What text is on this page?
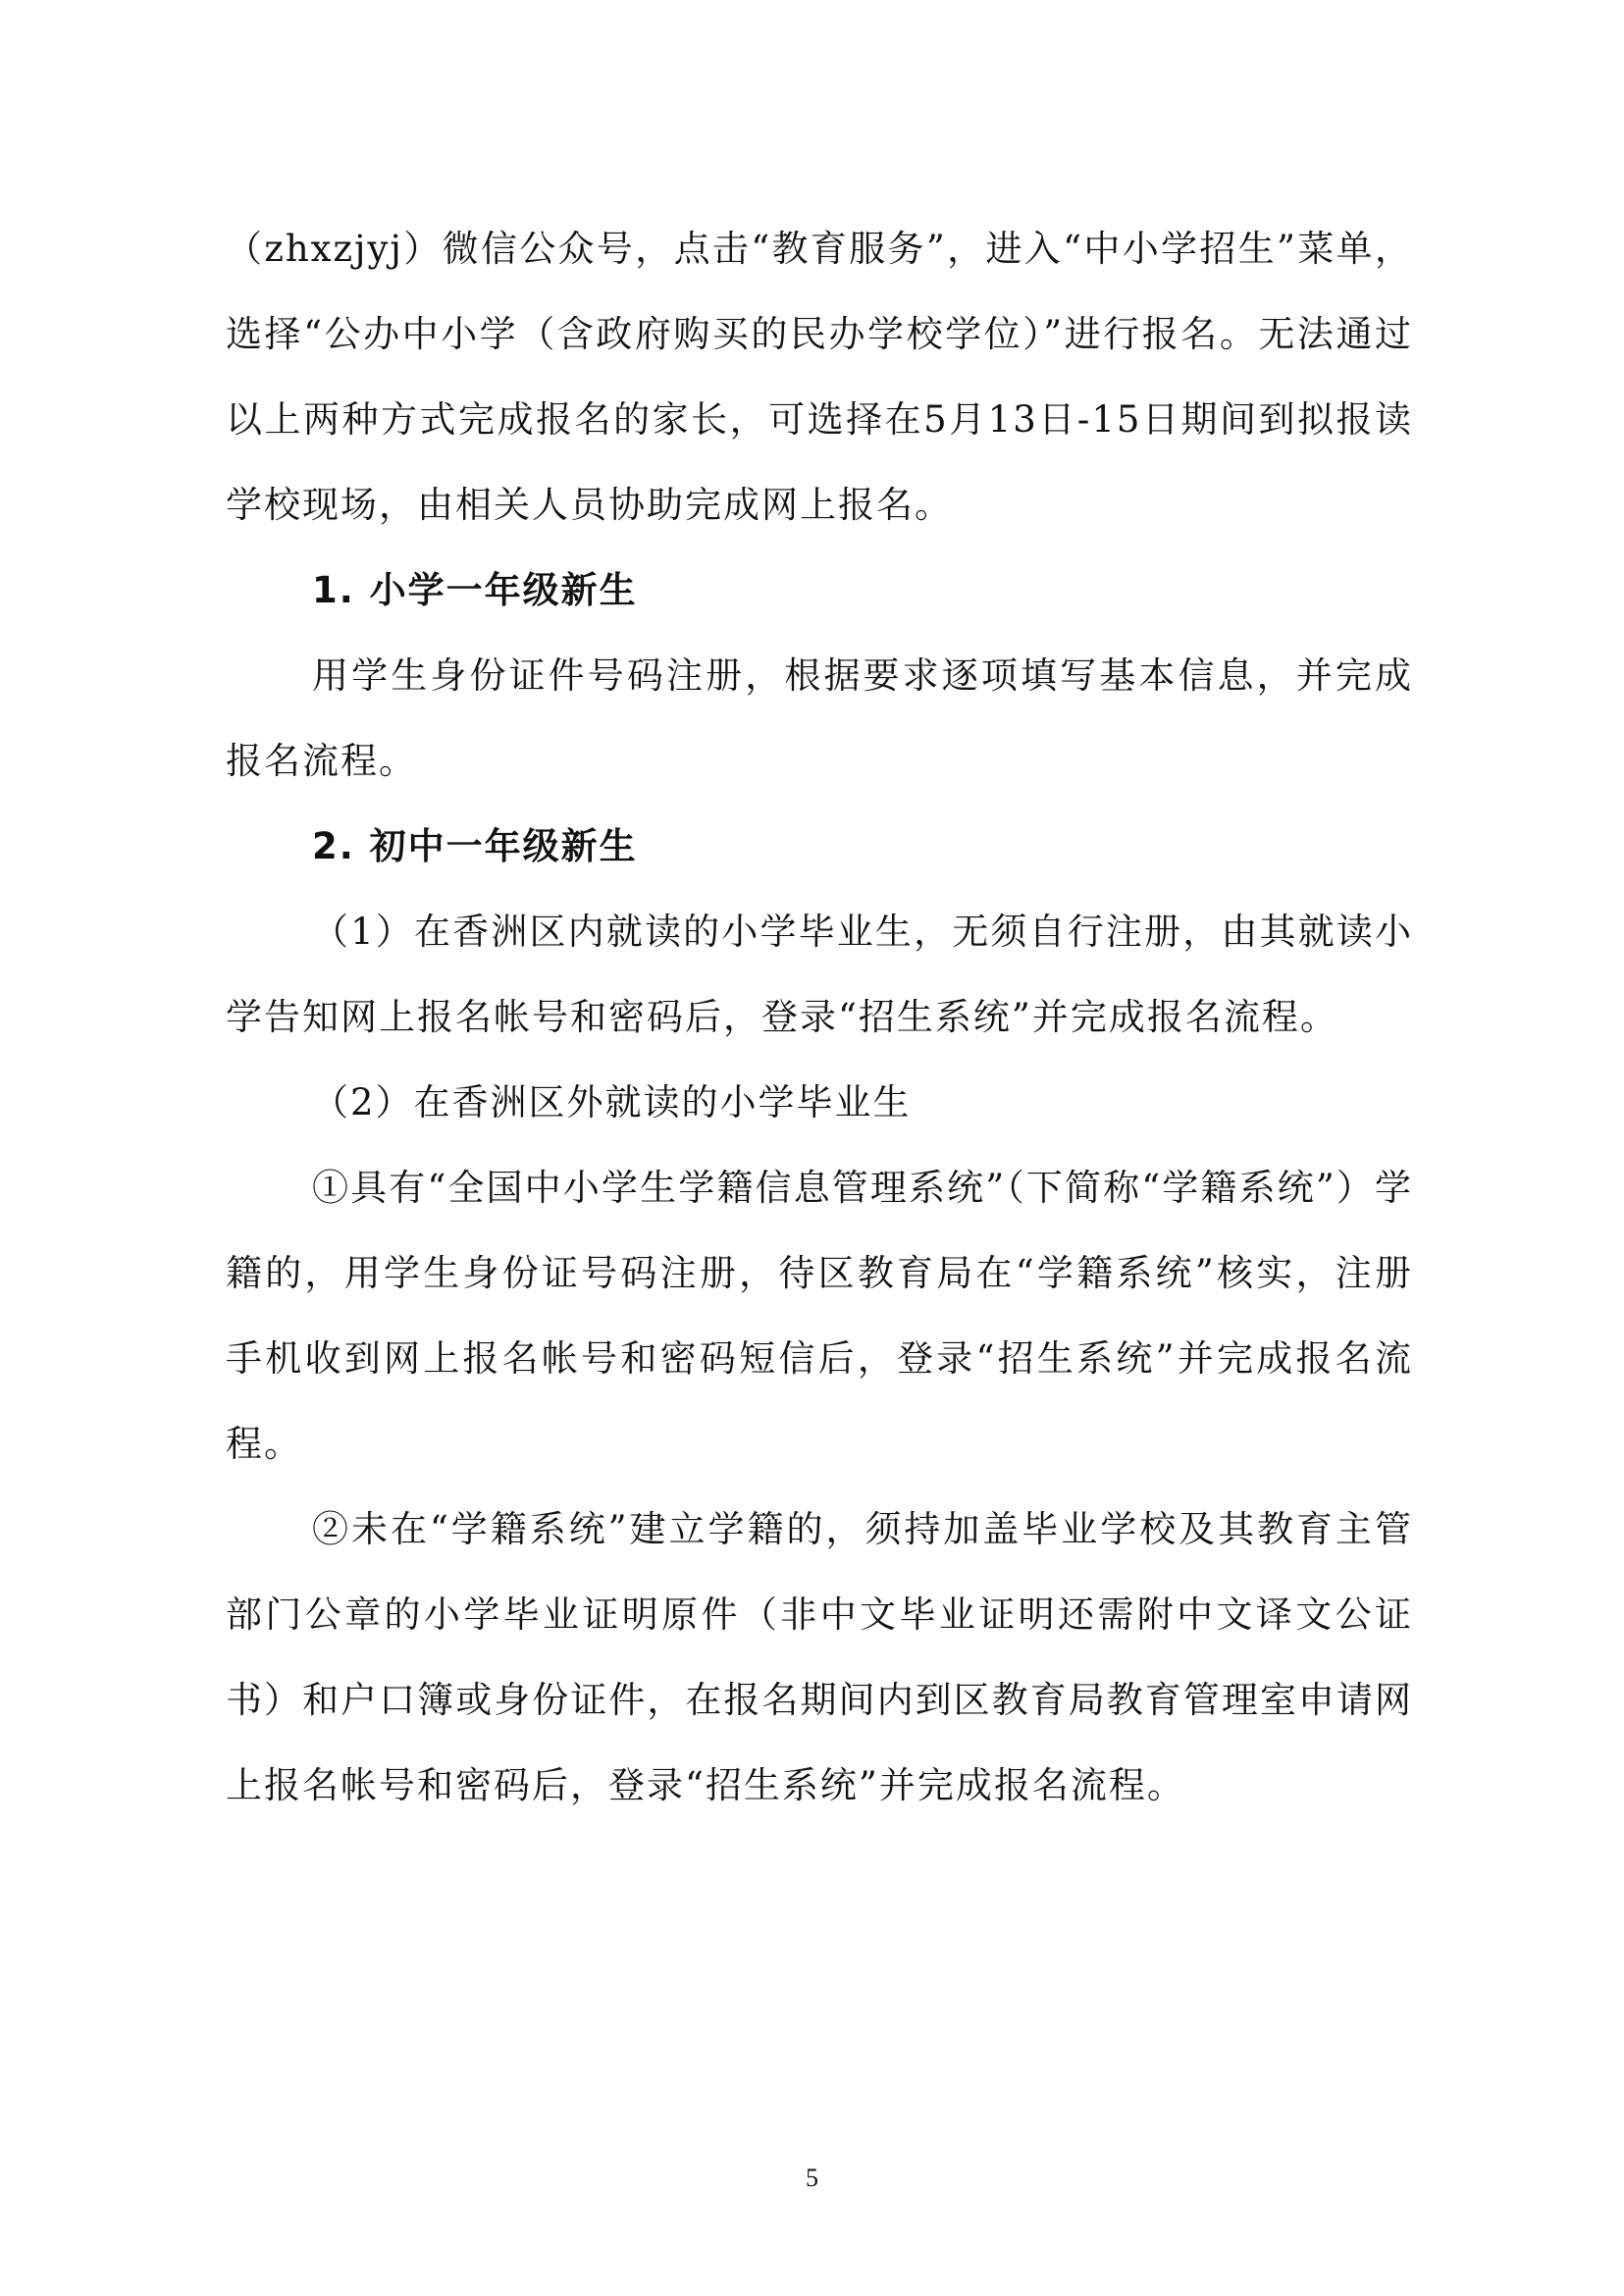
（zhxzjyj）微信公众号，点击“教育服务”，进入“中小学招生”菜单，选择“公办中小学（含政府购买的民办学校学位）”进行报名。无法通过以上两种方式完成报名的家长，可选择在5月13日-15日期间到拟报读学校现场，由相关人员协助完成网上报名。

1. 小学一年级新生

用学生身份证件号码注册，根据要求逐项填写基本信息，并完成报名流程。

2. 初中一年级新生

（1）在香洲区内就读的小学毕业生，无须自行注册，由其就读小学告知网上报名帐号和密码后，登录“招生系统”并完成报名流程。

（2）在香洲区外就读的小学毕业生

①具有“全国中小学生学籍信息管理系统”（下简称“学籍系统”）学籍的，用学生身份证号码注册，待区教育局在“学籍系统”核实，注册手机收到网上报名帐号和密码短信后，登录“招生系统”并完成报名流程。

②未在“学籍系统”建立学籍的，须持加盖毕业学校及其教育主管部门公章的小学毕业证明原件（非中文毕业证明还需附中文译文公证书）和户口簿或身份证件，在报名期间内到区教育局教育管理室申请网上报名帐号和密码后，登录“招生系统”并完成报名流程。

5
